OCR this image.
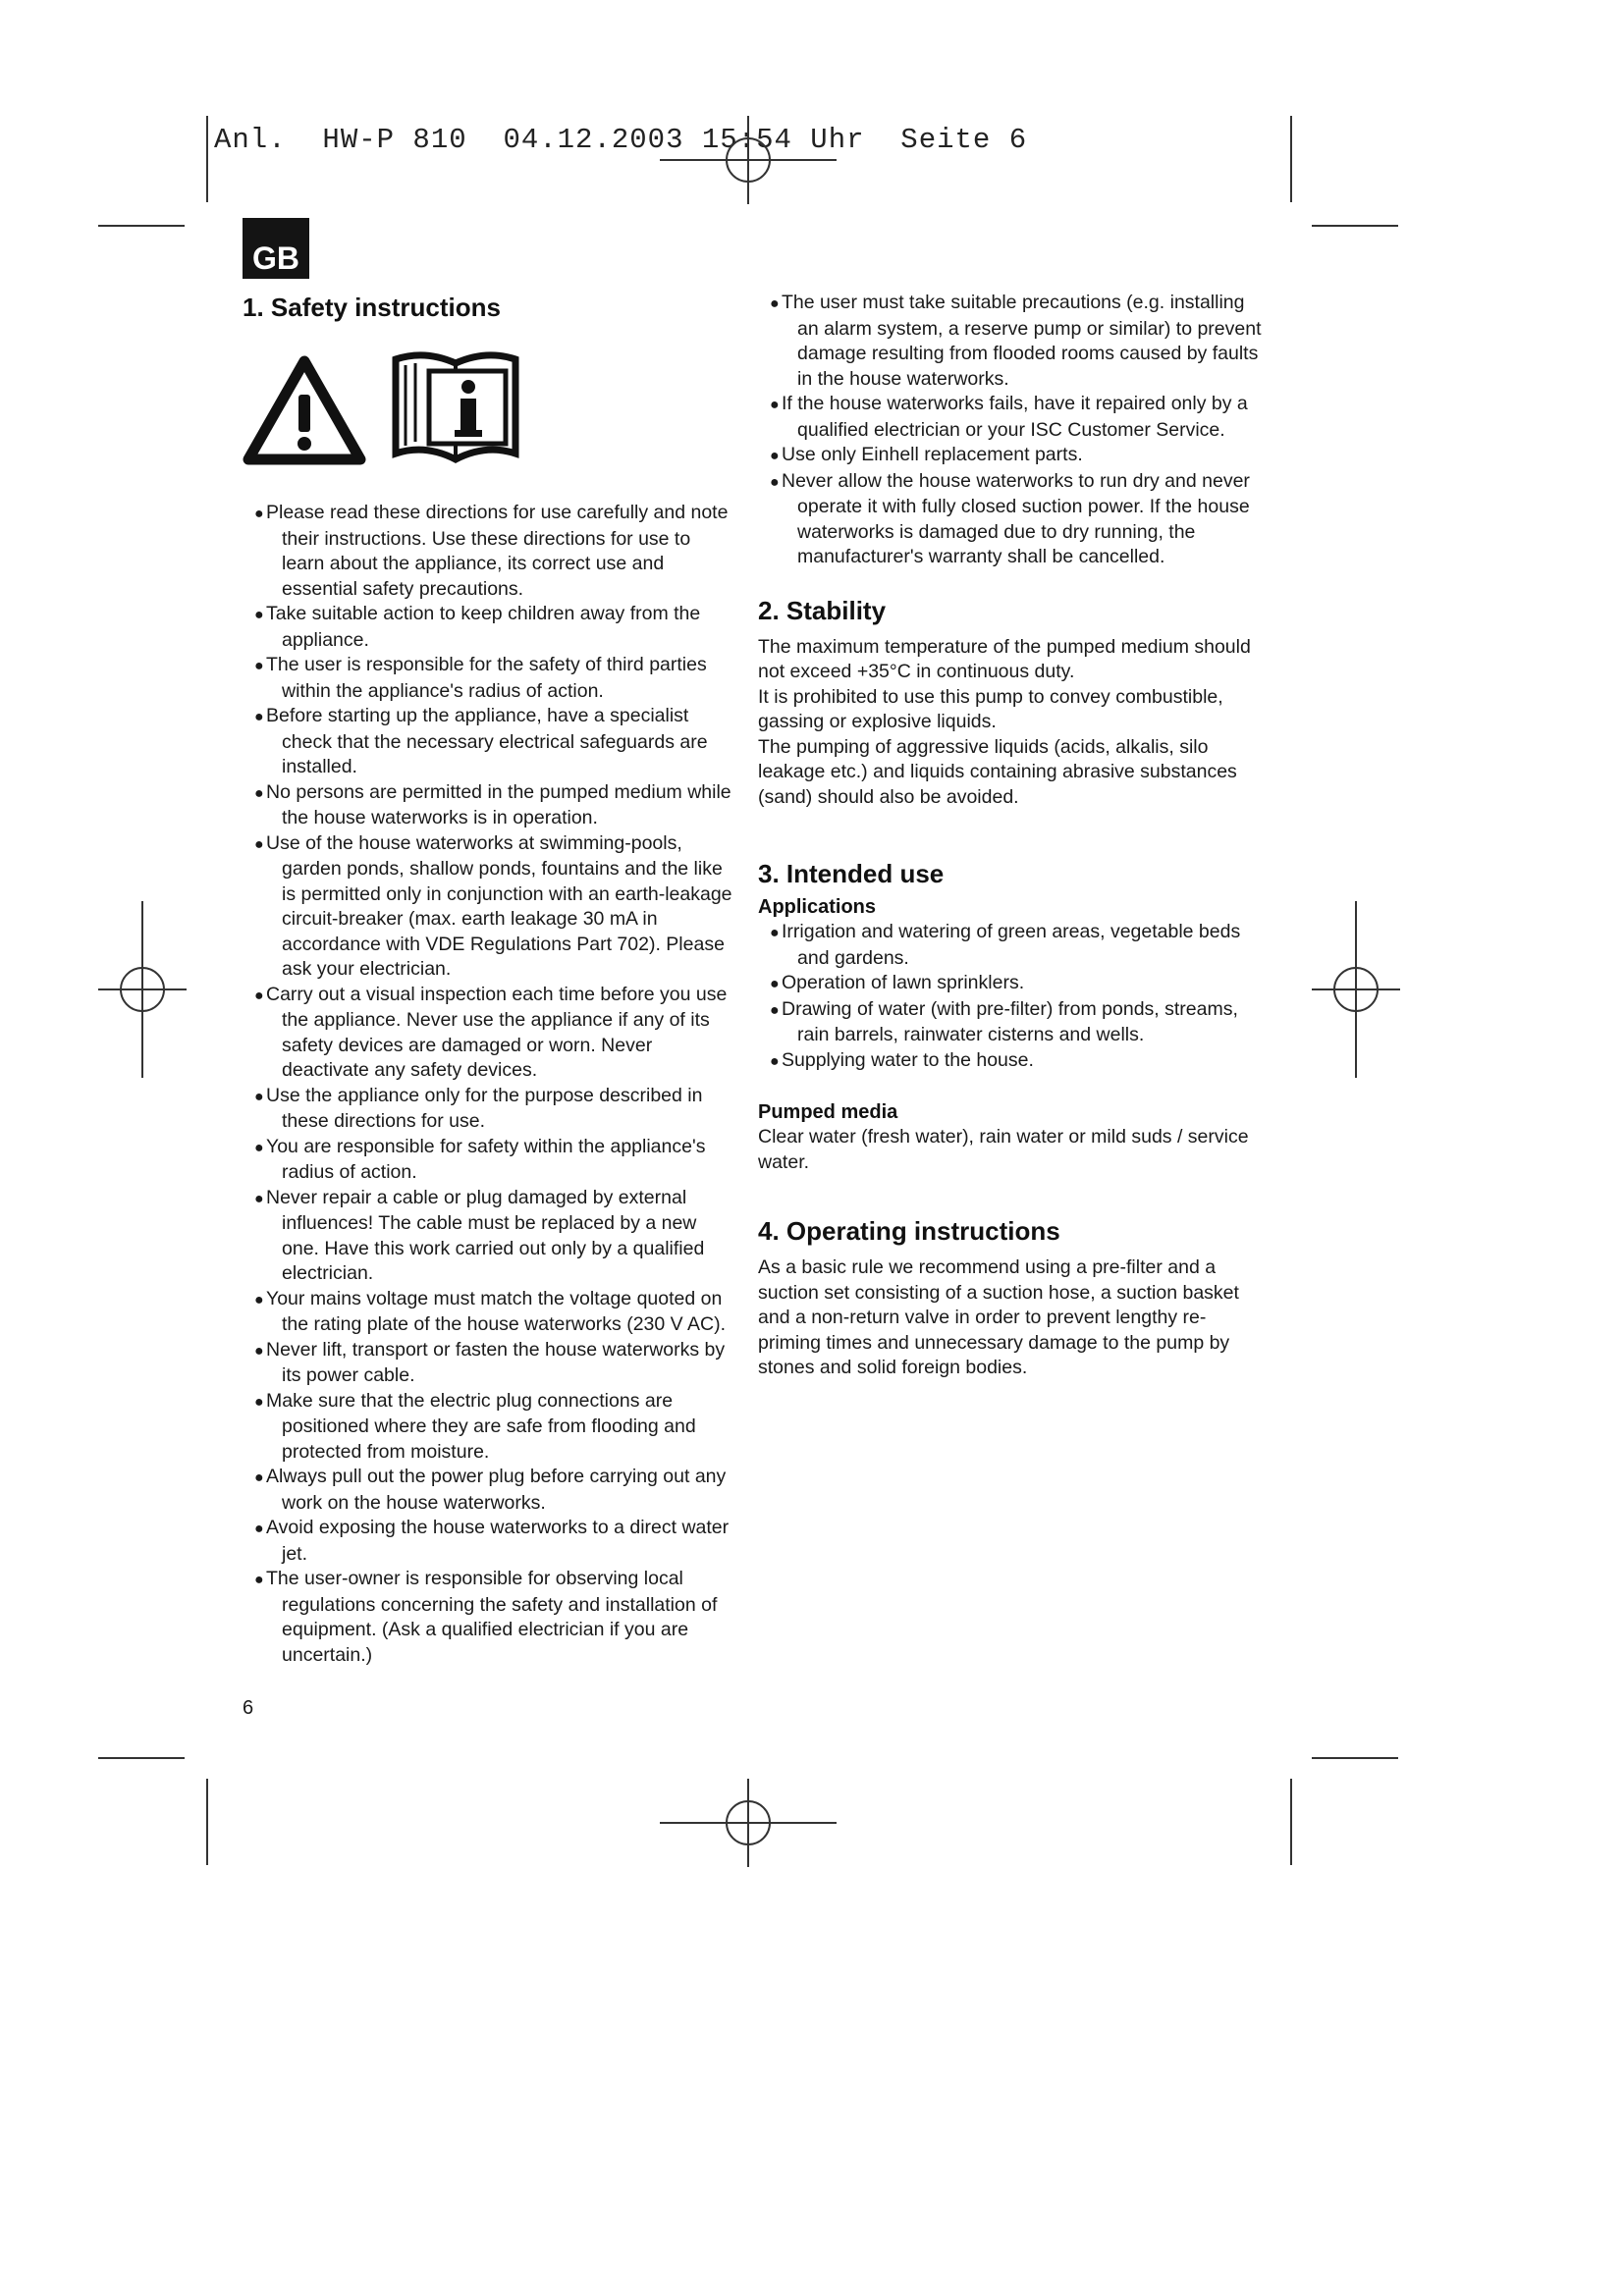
Anl.  HW-P 810  04.12.2003 15:54 Uhr  Seite 6
GB
1. Safety instructions
● Please read these directions for use carefully and note their instructions. Use these directions for use to learn about the appliance, its correct use and essential safety precautions.
● Take suitable action to keep children away from the appliance.
● The user is responsible for the safety of third parties within the appliance's radius of action.
● Before starting up the appliance, have a specialist check that the necessary electrical safeguards are installed.
● No persons are permitted in the pumped medium while the house waterworks is in operation.
● Use of the house waterworks at swimming-pools, garden ponds, shallow ponds, fountains and the like is permitted only in conjunction with an earth-leakage circuit-breaker (max. earth leakage 30 mA in accordance with VDE Regulations Part 702). Please ask your electrician.
● Carry out a visual inspection each time before you use the appliance. Never use the appliance if any of its safety devices are damaged or worn. Never deactivate any safety devices.
● Use the appliance only for the purpose described in these directions for use.
● You are responsible for safety within the appliance's radius of action.
● Never repair a cable or plug damaged by external influences! The cable must be replaced by a new one. Have this work carried out only by a qualified electrician.
● Your mains voltage must match the voltage quoted on the rating plate of the house waterworks (230 V AC).
● Never lift, transport or fasten the house waterworks by its power cable.
● Make sure that the electric plug connections are positioned where they are safe from flooding and protected from moisture.
● Always pull out the power plug before carrying out any work on the house waterworks.
● Avoid exposing the house waterworks to a direct water jet.
● The user-owner is responsible for observing local regulations concerning the safety and installation of equipment. (Ask a qualified electrician if you are uncertain.)
● The user must take suitable precautions (e.g. installing an alarm system, a reserve pump or similar) to prevent damage resulting from flooded rooms caused by faults in the house waterworks.
● If the house waterworks fails, have it repaired only by a qualified electrician or your ISC Customer Service.
● Use only Einhell replacement parts.
● Never allow the house waterworks to run dry and never operate it with fully closed suction power. If the house waterworks is damaged due to dry running, the manufacturer's warranty shall be cancelled.
2. Stability

The maximum temperature of the pumped medium should not exceed +35°C in continuous duty.

It is prohibited to use this pump to convey combustible, gassing or explosive liquids.

The pumping of aggressive liquids (acids, alkalis, silo leakage etc.) and liquids containing abrasive substances (sand) should also be avoided.

3. Intended use
Applications
● Irrigation and watering of green areas, vegetable beds and gardens.
● Operation of lawn sprinklers.
● Drawing of water (with pre-filter) from ponds, streams, rain barrels, rainwater cisterns and wells.
● Supplying water to the house.
Pumped media

Clear water (fresh water), rain water or mild suds / service water.

4. Operating instructions

As a basic rule we recommend using a pre-filter and a suction set consisting of a suction hose, a suction basket and a non-return valve in order to prevent lengthy re-priming times and unnecessary damage to the pump by stones and solid foreign bodies.

6
